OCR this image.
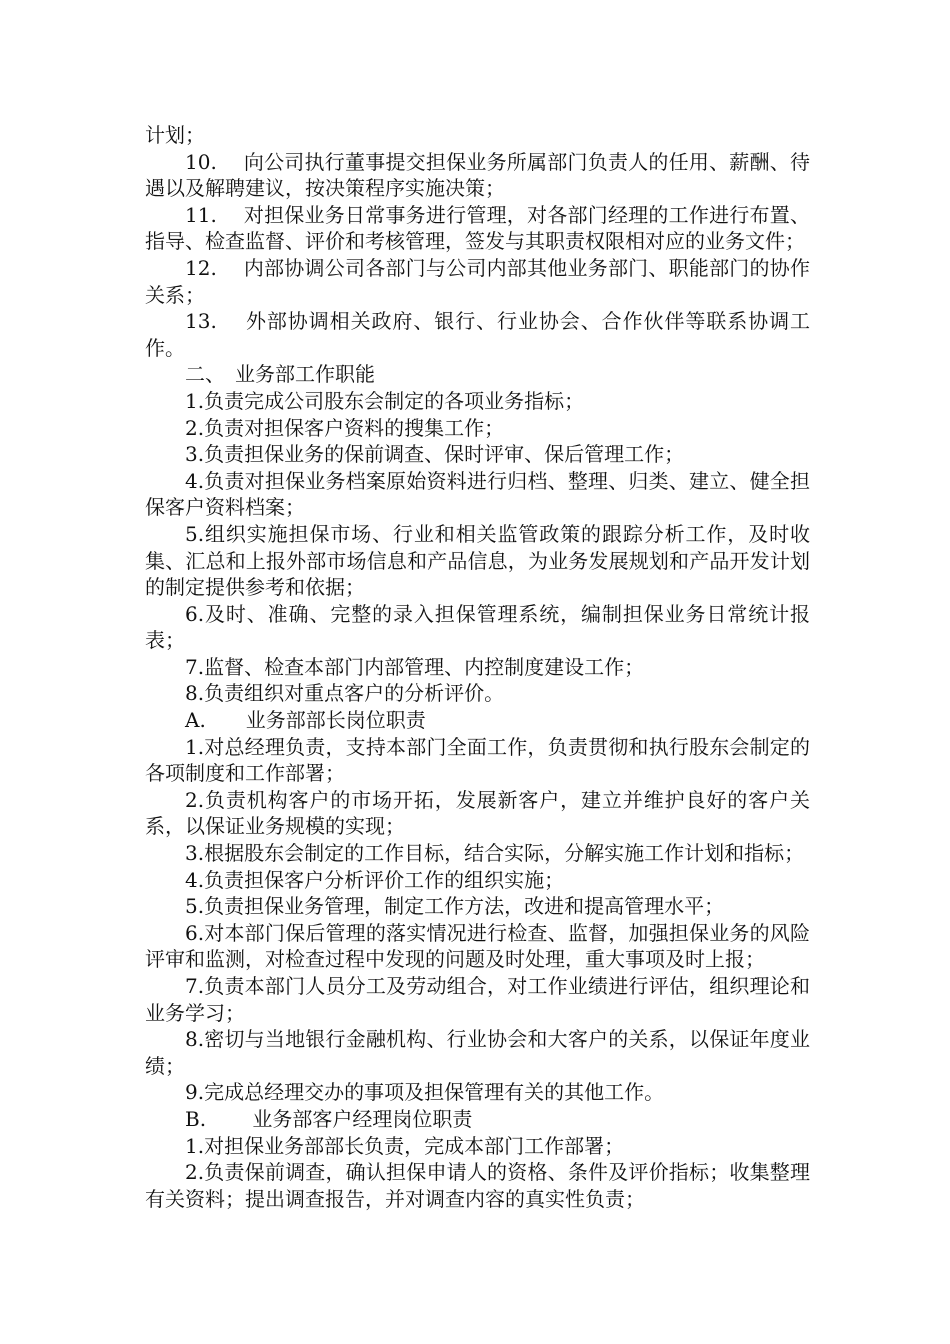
计划；

10.　 向公司执行董事提交担保业务所属部门负责人的任用、薪酬、待遇以及解聘建议，按决策程序实施决策；

11.　 对担保业务日常事务进行管理，对各部门经理的工作进行布置、指导、检查监督、评价和考核管理，签发与其职责权限相对应的业务文件；

12.　 内部协调公司各部门与公司内部其他业务部门、职能部门的协作关系；

13.　 外部协调相关政府、银行、行业协会、合作伙伴等联系协调工作。

二、　业务部工作职能

1.负责完成公司股东会制定的各项业务指标；

2.负责对担保客户资料的搜集工作；

3.负责担保业务的保前调查、保时评审、保后管理工作；

4.负责对担保业务档案原始资料进行归档、整理、归类、建立、健全担保客户资料档案；

5.组织实施担保市场、行业和相关监管政策的跟踪分析工作，及时收集、汇总和上报外部市场信息和产品信息，为业务发展规划和产品开发计划的制定提供参考和依据；

6.及时、准确、完整的录入担保管理系统，编制担保业务日常统计报表；

7.监督、检查本部门内部管理、内控制度建设工作；

8.负责组织对重点客户的分析评价。

A.　　业务部部长岗位职责

1.对总经理负责，支持本部门全面工作，负责贯彻和执行股东会制定的各项制度和工作部署；

2.负责机构客户的市场开拓，发展新客户，建立并维护良好的客户关系，以保证业务规模的实现；

3.根据股东会制定的工作目标，结合实际，分解实施工作计划和指标；

4.负责担保客户分析评价工作的组织实施；

5.负责担保业务管理，制定工作方法，改进和提高管理水平；

6.对本部门保后管理的落实情况进行检查、监督，加强担保业务的风险评审和监测，对检查过程中发现的问题及时处理，重大事项及时上报；

7.负责本部门人员分工及劳动组合，对工作业绩进行评估，组织理论和业务学习；

8.密切与当地银行金融机构、行业协会和大客户的关系，以保证年度业绩；

9.完成总经理交办的事项及担保管理有关的其他工作。

B.　　 业务部客户经理岗位职责

1.对担保业务部部长负责，完成本部门工作部署；

2.负责保前调查，确认担保申请人的资格、条件及评价指标；收集整理有关资料；提出调查报告，并对调查内容的真实性负责；
